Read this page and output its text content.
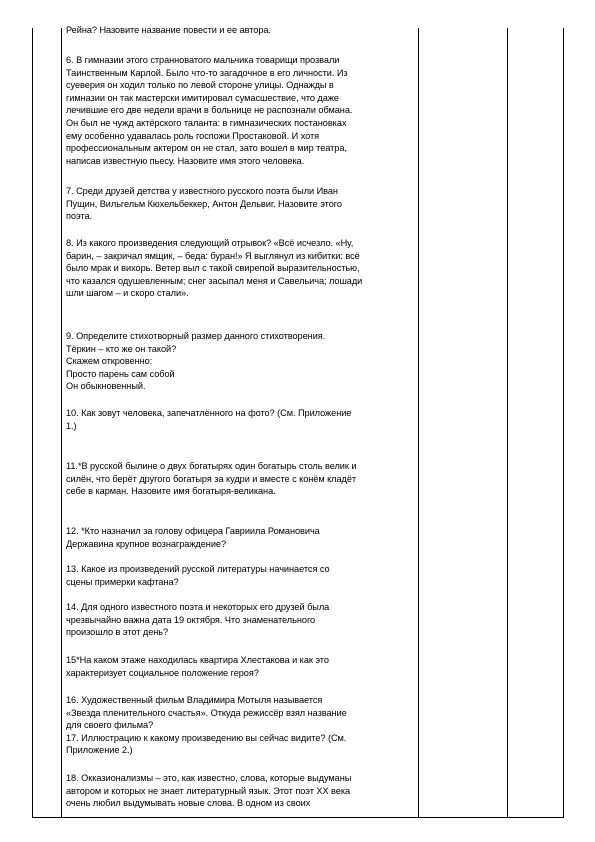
Рейна? Назовите название повести и ее автора.

6. В гимназии этого странноватого мальчика товарищи прозвали
Таинственным Карлой. Было что-то загадочное в его личности. Из
суеверия он ходил только по левой стороне улицы. Однажды в
гимназии он так мастерски имитировал сумасшествие, что даже
лечившие его две недели врачи в больнице не распознали обмана.
Он был не чужд актёрского таланта: в гимназических постановках
ему особенно удавалась роль госпожи Простаковой. И хотя
профессиональным актером он не стал, зато вошел в мир театра,
написав известную пьесу. Назовите имя этого человека.

7. Среди друзей детства у известного русского поэта были Иван
Пущин, Вильгельм Кюхельбеккер, Антон Дельвиг. Назовите этого
поэта.

8. Из какого произведения следующий отрывок? «Всё исчезло. «Ну,
барин, – закричал ямщик, – беда: буран!» Я выглянул из кибитки: всё
было мрак и вихорь. Ветер выл с такой свирепой выразительностью,
что казался одушевленным; снег засыпал меня и Савельича; лошади
шли шагом – и скоро стали».

9. Определите стихотворный размер данного стихотворения.
Тёркин – кто же он такой?
Скажем откровенно:
Просто парень сам собой
Он обыкновенный.

10. Как зовут человека, запечатлённого на фото? (См. Приложение
1.)

11.*В русской былине о двух богатырях один богатырь столь велик и
силён, что берёт другого богатыря за кудри и вместе с конём кладёт
себе в карман. Назовите имя богатыря-великана.

12. *Кто назначил за голову офицера Гавриила Романовича
Державина крупное вознаграждение?

13. Какое из произведений русской литературы начинается со
сцены примерки кафтана?

14. Для одного известного поэта и некоторых его друзей была
чрезвычайно важна дата 19 октября. Что знаменательного
произошло в этот день?

15*На каком этаже находилась квартира Хлестакова и как это
характеризует социальное положение героя?

16. Художественный фильм Владимира Мотыля называется
«Звезда пленительного счастья». Откуда режиссёр взял название
для своего фильма?
17. Иллюстрацию к какому произведению вы сейчас видите? (См.
Приложение 2.)

18. Окказионализмы – это, как известно, слова, которые выдуманы
автором и которых не знает литературный язык. Этот поэт XX века
очень любил выдумывать новые слова. В одном из своих
